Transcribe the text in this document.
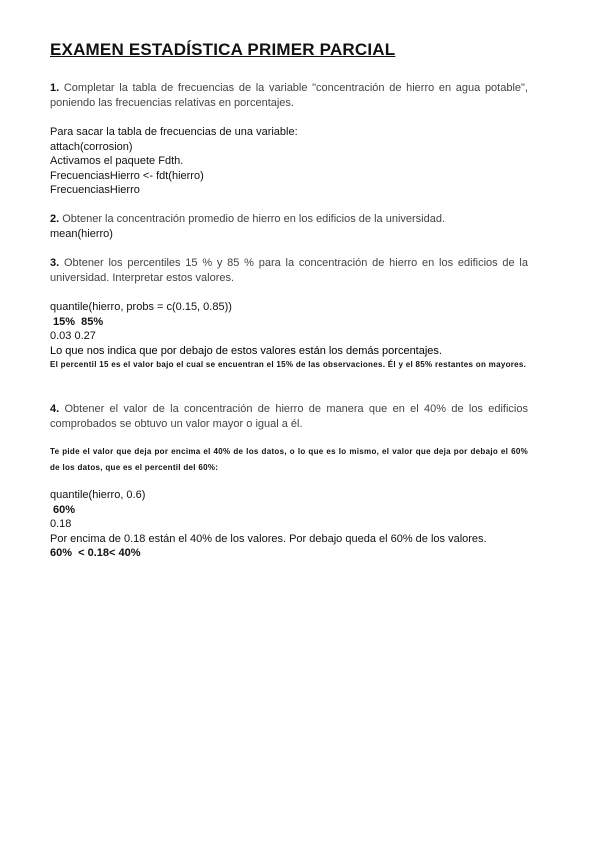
EXAMEN ESTADÍSTICA PRIMER PARCIAL
1. Completar la tabla de frecuencias de la variable "concentración de hierro en agua potable", poniendo las frecuencias relativas en porcentajes.
Para sacar la tabla de frecuencias de una variable:
attach(corrosion)
Activamos el paquete Fdth.
FrecuenciasHierro <- fdt(hierro)
FrecuenciasHierro
2. Obtener la concentración promedio de hierro en los edificios de la universidad.
mean(hierro)
3. Obtener los percentiles 15 % y 85 % para la concentración de hierro en los edificios de la universidad. Interpretar estos valores.
quantile(hierro, probs = c(0.15, 0.85))
15%  85%
0.03 0.27
Lo que nos indica que por debajo de estos valores están los demás porcentajes.
El percentil 15 es el valor bajo el cual se encuentran el 15% de las observaciones. Él y el 85% restantes on mayores.
4. Obtener el valor de la concentración de hierro de manera que en el 40% de los edificios comprobados se obtuvo un valor mayor o igual a él.
Te pide el valor que deja por encima el 40% de los datos, o lo que es lo mismo, el valor que deja por debajo el 60% de los datos, que es el percentil del 60%:
quantile(hierro, 0.6)
60%
0.18
Por encima de 0.18 están el 40% de los valores. Por debajo queda el 60% de los valores.
60%  < 0.18< 40%
